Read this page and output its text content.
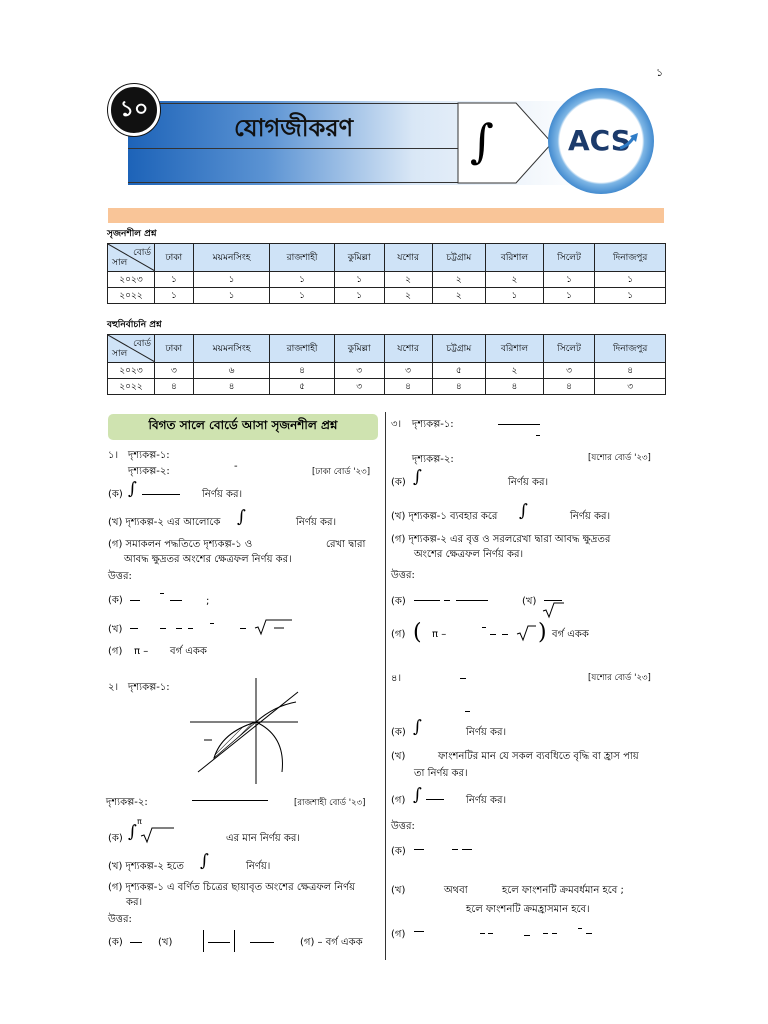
১
∫	ACS
১০
যোগজীকরণ
সৃজনশীল প্রশ্ন
বোর্ড
সাল	ঢাকা	ময়মনসিংহ	রাজশাহী	কুমিল্লা	যশোর	চট্টগ্রাম	বরিশাল	সিলেট	দিনাজপুর
২০২৩	১	১	১	১	২	২	২	১	১
২০২২	১	১	১	১	২	২	১	১	১
বহুনির্বাচনি প্রশ্ন
বোর্ড
সাল	ঢাকা	ময়মনসিংহ	রাজশাহী	কুমিল্লা	যশোর	চট্টগ্রাম	বরিশাল	সিলেট	দিনাজপুর
২০২৩	৩	৬	৪	৩	৩	৫	২	৩	৪
২০২২	৪	৪	৫	৩	৪	৪	৪	৪	৩
বিগত সালে বোর্ডে আসা সৃজনশীল প্রশ্ন
১। দৃশ্যকল্প-১:
দৃশ্যকল্প-২:	-	[ঢাকা বোর্ড '২৩]
(ক) ∫	নির্ণয় কর।
(খ) দৃশ্যকল্প-২ এর আলোকে ∫	নির্ণয় কর।
(গ) সমাকলন পদ্ধতিতে দৃশ্যকল্প-১ ও	রেখা দ্বারা
আবদ্ধ ক্ষুদ্রতর অংশের ক্ষেত্রফল নির্ণয় কর।
উত্তর:
(ক)	;
(খ)
(গ) π – বর্গ একক
২। দৃশ্যকল্প-১:
দৃশ্যকল্প-২:	[রাজশাহী বোর্ড '২৩]
(ক)
π
∫	এর মান নির্ণয় কর।
(খ) দৃশ্যকল্প-২ হতে ∫	নির্ণয়।
(গ) দৃশ্যকল্প-১ এ বর্ণিত চিত্রের ছায়াবৃত অংশের ক্ষেত্রফল নির্ণয়
কর।
উত্তর:
(ক)	(খ)	(গ) – বর্গ একক
৩। দৃশ্যকল্প-১:
দৃশ্যকল্প-২:	[যশোর বোর্ড '২৩]
(ক) ∫	নির্ণয় কর।
(খ) দৃশ্যকল্প-১ ব্যবহার করে ∫	নির্ণয় কর।
(গ) দৃশ্যকল্প-২ এর বৃত্ত ও সরলরেখা দ্বারা আবদ্ধ ক্ষুদ্রতর
অংশের ক্ষেত্রফল নির্ণয় কর।
উত্তর:
(ক)	(খ)
(গ) ( π –	) বর্গ একক
৪।	[যশোর বোর্ড '২৩]
(ক) ∫	নির্ণয় কর।
(খ)	ফাংশনটির মান যে সকল ব্যবধিতে বৃদ্ধি বা হ্রাস পায়
তা নির্ণয় কর।
(গ) ∫	নির্ণয় কর।
উত্তর:
(ক)
(খ)	অথবা	হলে ফাংশনটি ক্রমবর্ধমান হবে ;
হলে ফাংশনটি ক্রমহ্রাসমান হবে।
(গ)
